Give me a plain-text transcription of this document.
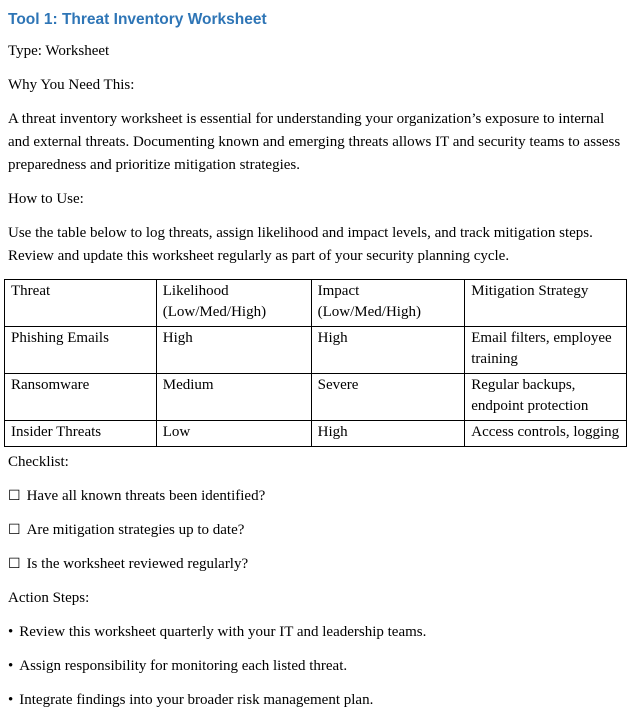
Tool 1: Threat Inventory Worksheet

Type: Worksheet

Why You Need This:

A threat inventory worksheet is essential for understanding your organization’s exposure to internal and external threats. Documenting known and emerging threats allows IT and security teams to assess preparedness and prioritize mitigation strategies.

How to Use:

Use the table below to log threats, assign likelihood and impact levels, and track mitigation steps. Review and update this worksheet regularly as part of your security planning cycle.

Threat	Likelihood (Low/Med/High)	Impact (Low/Med/High)	Mitigation Strategy
Phishing Emails	High	High	Email filters, employee training
Ransomware	Medium	Severe	Regular backups, endpoint protection
Insider Threats	Low	High	Access controls, logging

Checklist:

☐ Have all known threats been identified?

☐ Are mitigation strategies up to date?

☐ Is the worksheet reviewed regularly?

Action Steps:

• Review this worksheet quarterly with your IT and leadership teams.

• Assign responsibility for monitoring each listed threat.

• Integrate findings into your broader risk management plan.
